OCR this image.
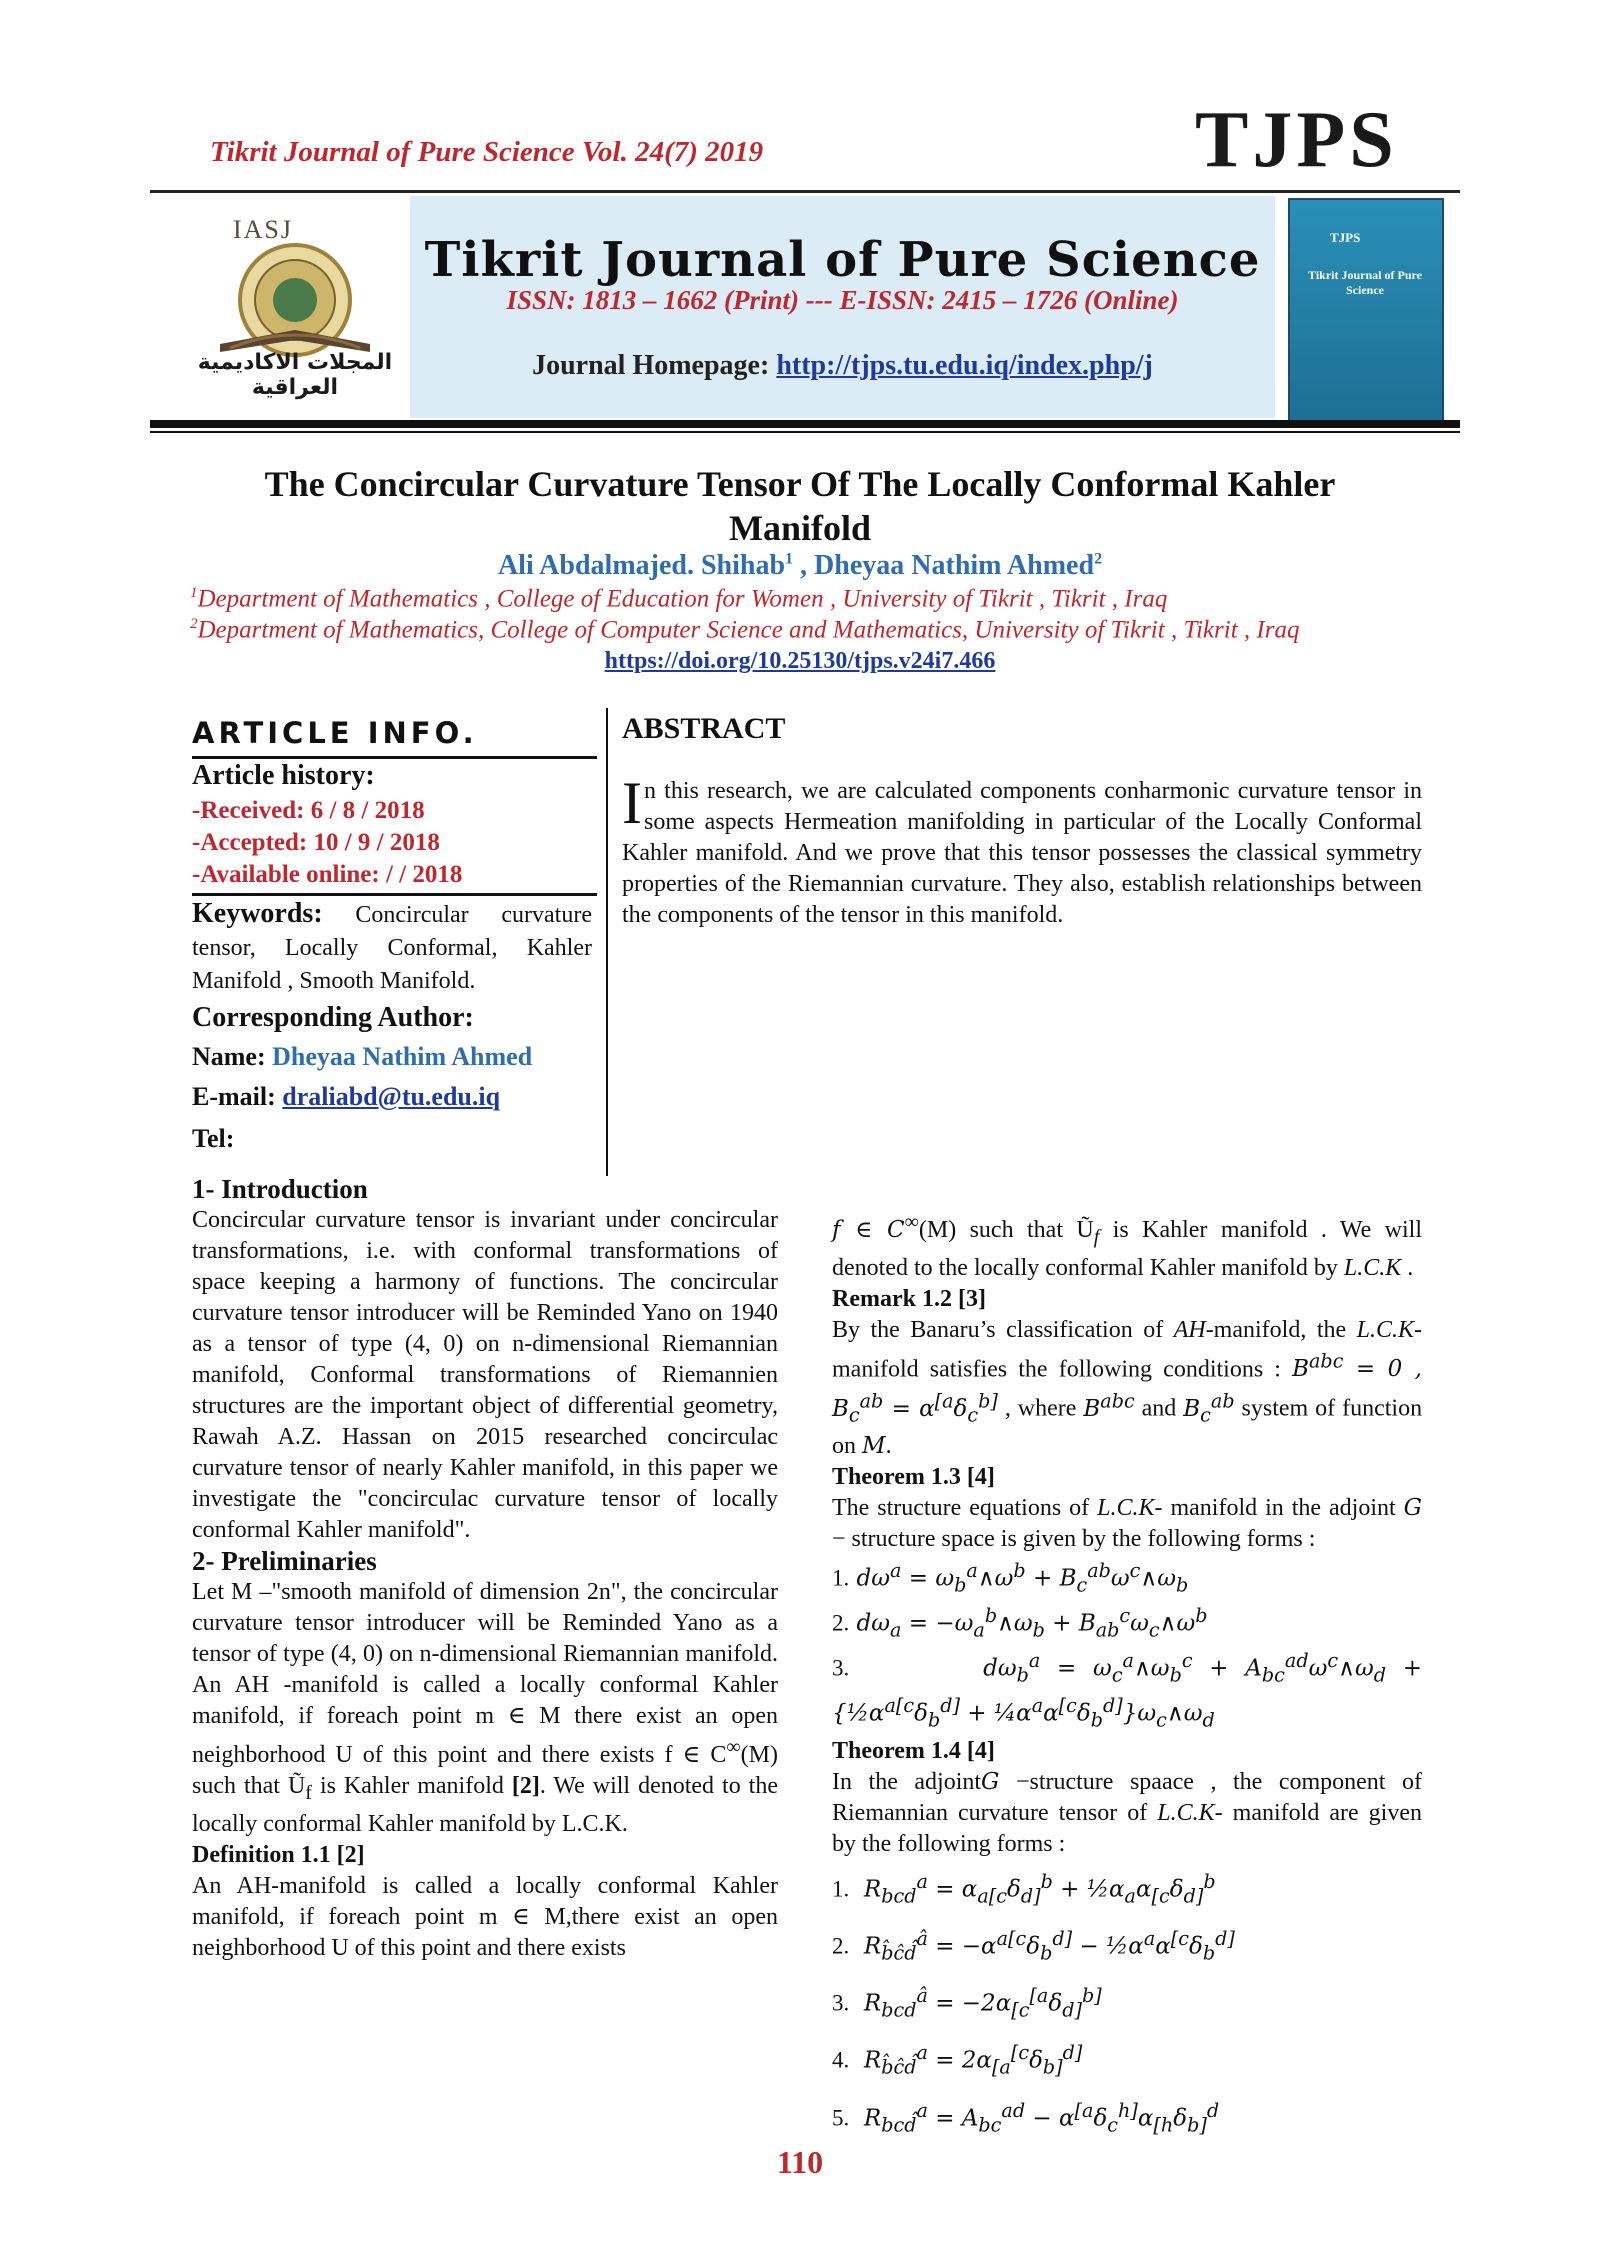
Tikrit Journal of Pure Science Vol. 24(7) 2019	TJPS
IASJ
المجلات الاكاديمية العراقية
Tikrit Journal of Pure Science
ISSN: 1813 – 1662 (Print) --- E-ISSN: 2415 – 1726 (Online)
Journal Homepage: http://tjps.tu.edu.iq/index.php/j
TJPS
Tikrit Journal of Pure Science
The Concircular Curvature Tensor Of The Locally Conformal Kahler
Manifold
Ali Abdalmajed. Shihab$^1$ , Dheyaa Nathim Ahmed$^2$
$^1$Department of Mathematics , College of Education for Women , University of Tikrit , Tikrit , Iraq
$^2$Department of Mathematics, College of Computer Science and Mathematics, University of Tikrit , Tikrit , Iraq
https://doi.org/10.25130/tjps.v24i7.466
ARTICLE INFO.
Article history:
-Received: 6 / 8 / 2018
-Accepted: 10 / 9 / 2018
-Available online: / / 2018
Keywords: Concircular curvature tensor, Locally Conformal, Kahler Manifold , Smooth Manifold.
Corresponding Author:
Name: Dheyaa Nathim Ahmed
E-mail: draliabd@tu.edu.iq
Tel:
ABSTRACT
In this research, we are calculated components conharmonic curvature tensor in some aspects Hermeation manifolding in particular of the Locally Conformal Kahler manifold. And we prove that this tensor possesses the classical symmetry properties of the Riemannian curvature. They also, establish relationships between the components of the tensor in this manifold.
1- Introduction
Concircular curvature tensor is invariant under concircular transformations, i.e. with conformal transformations of space keeping a harmony of functions. The concircular curvature tensor introducer will be Reminded Yano on 1940 as a tensor of type (4, 0) on n-dimensional Riemannian manifold, Conformal transformations of Riemannien structures are the important object of differential geometry, Rawah A.Z. Hassan on 2015 researched concirculac curvature tensor of nearly Kahler manifold, in this paper we investigate the "concirculac curvature tensor of locally conformal Kahler manifold".
2- Preliminaries
Let M –"smooth manifold of dimension 2n", the concircular curvature tensor introducer will be Reminded Yano as a tensor of type (4, 0) on n-dimensional Riemannian manifold. An AH -manifold is called a locally conformal Kahler manifold, if foreach point m ∈ M there exist an open neighborhood U of this point and there exists f ∈ C∞(M) such that $Ũ_f$ is Kahler manifold [2]. We will denoted to the locally conformal Kahler manifold by L.C.K.
Definition 1.1 [2]
An AH-manifold is called a locally conformal Kahler manifold, if foreach point m ∈ M,there exist an open neighborhood U of this point and there exists
f ∈ C∞(M) such that $Ũ_f$ is Kahler manifold . We will denoted to the locally conformal Kahler manifold by L.C.K .
Remark 1.2 [3]
By the Banaru’s classification of AH-manifold, the L.C.K- manifold satisfies the following conditions : $B^{abc} = 0$ , $B_c^{ab} = \alpha^{[a}\delta_c^{b]}$ , where $B^{abc}$ and $B_c^{ab}$ system of function on M.
Theorem 1.3 [4]
The structure equations of L.C.K- manifold in the adjoint G − structure space is given by the following forms :
1. $d\omega^a$ = $\omega_b^a\wedge\omega^b$ + $B_c^{ab}\omega^c\wedge\omega_b$
2. $d\omega_a$ = $-\omega_a^b\wedge\omega_b$ + $B_{ab}^c\omega_c\wedge\omega^b$
3.        $d\omega_b^a$ = $\omega_c^a\wedge\omega_b^c$ + $A_{bc}^{ad}\omega^c\wedge\omega_d$ + {$\frac{1}{2}\alpha^{a[c}\delta_b^{d]}$ + $\frac{1}{4}\alpha^a\alpha^{[c}\delta_b^{d]}\}\omega_c\wedge\omega_d$
Theorem 1.4 [4]
In the adjointG −structure spaace , the component of Riemannian curvature tensor of L.C.K- manifold are given by the following forms :
1.  $R_{bcd}^a = \alpha_{a[c}\delta_{d]}^b$ + $\frac{1}{2}\alpha_a\alpha_{[c}\delta_{d]}^b$
2.  $R_{b̂ĉd̂}^â = -\alpha^{a[c}\delta_b^{d]}$ − $\frac{1}{2}\alpha^a\alpha^{[c}\delta_b^{d]}$
3.  $R_{bcd}^â = -2\alpha_{[c}^{[a}\delta_{d]}^{b]}$
4.  $R_{b̂ĉd̂}^a = 2\alpha_{[a}^{[c}\delta_{b]}^{d]}$
5.  $R_{bcd̂}^a = A_{bc}^{ad} - \alpha^{[a}\delta_c^{h]}\alpha_{[h}\delta_{b]}^d$
110
